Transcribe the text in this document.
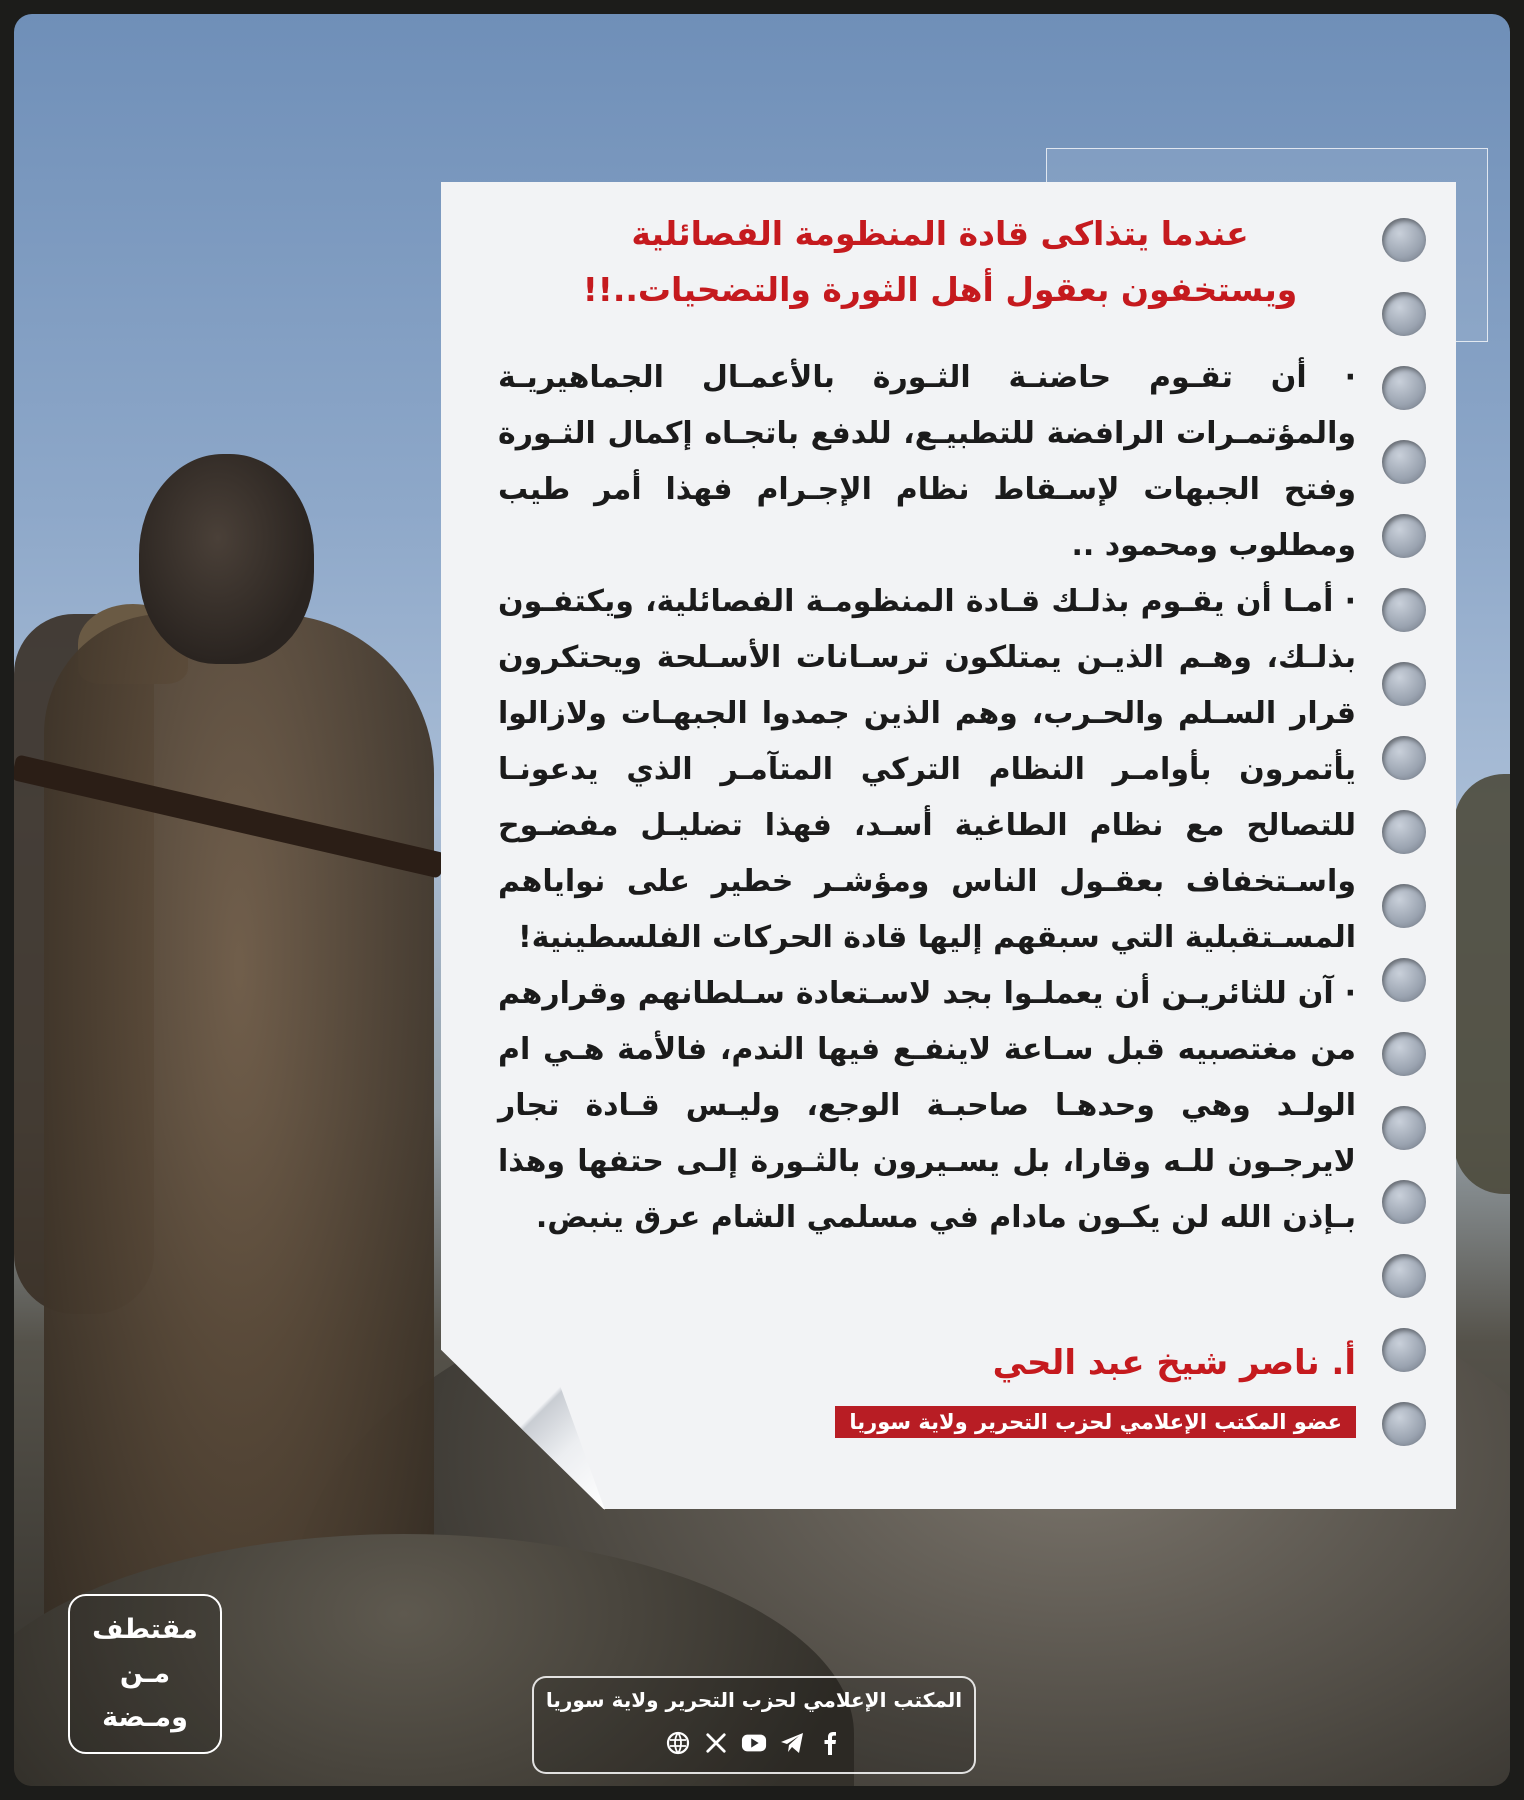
عندما يتذاكى قادة المنظومة الفصائلية
ويستخفون بعقول أهل الثورة والتضحيات..!!

· أن تقـوم حاضنـة الثـورة بالأعمـال الجماهيريـة والمؤتمـرات الرافضة للتطبيـع، للدفع باتجـاه إكمال الثـورة وفتح الجبهات لإسـقاط نظام الإجـرام فهذا أمر طيب ومطلوب ومحمود ..

· أمـا أن يقـوم بذلـك قـادة المنظومـة الفصائلية، ويكتفـون بذلـك، وهـم الذيـن يمتلكون ترسـانات الأسـلحة ويحتكرون قرار السـلم والحـرب، وهم الذين جمدوا الجبهـات ولازالوا يأتمرون بأوامـر النظام التركي المتآمـر الذي يدعونـا للتصالح مع نظام الطاغية أسـد، فهذا تضليـل مفضـوح واسـتخفاف بعقـول الناس ومؤشـر خطير على نواياهم المسـتقبلية التي سبقهم إليها قادة الحركات الفلسطينية!

· آن للثائريـن أن يعملـوا بجد لاسـتعادة سـلطانهم وقرارهم من مغتصبيه قبل سـاعة لاينفـع فيها الندم، فالأمة هـي ام الولـد وهي وحدهـا صاحبـة الوجع، وليـس قـادة تجار لايرجـون للـه وقارا، بل يسـيرون بالثـورة إلـى حتفها وهذا بـإذن الله لن يكـون مادام في مسلمي الشام عرق ينبض.

أ. ناصر شيخ عبد الحي
عضو المكتب الإعلامي لحزب التحرير ولاية سوريا
مقتطف
مـن
ومـضة
المكتب الإعلامي لحزب التحرير ولاية سوريا
